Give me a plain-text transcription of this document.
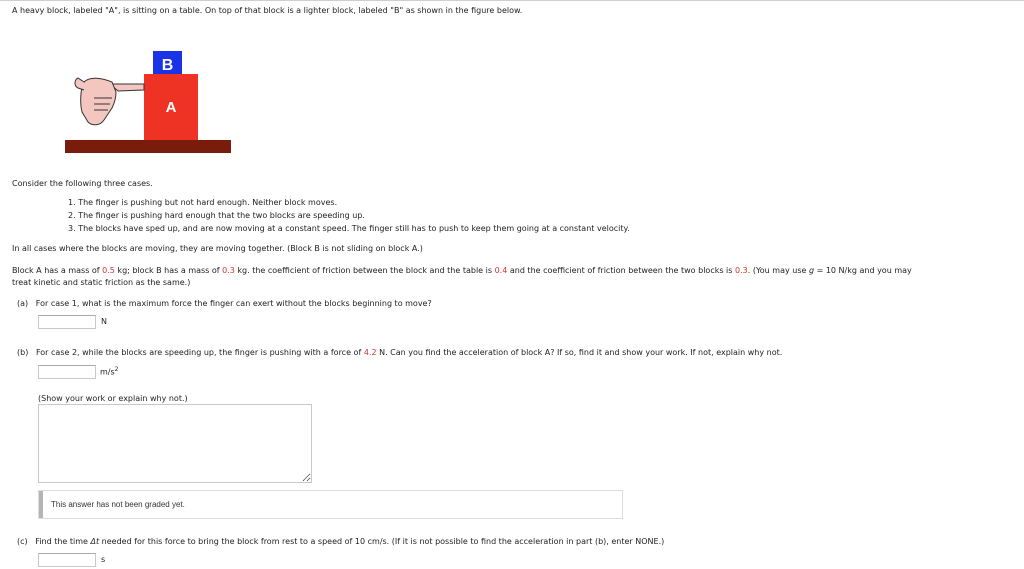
A heavy block, labeled "A", is sitting on a table. On top of that block is a lighter block, labeled "B" as shown in the figure below.
A
B
Consider the following three cases.
1. The finger is pushing but not hard enough. Neither block moves.
2. The finger is pushing hard enough that the two blocks are speeding up.
3. The blocks have sped up, and are now moving at a constant speed. The finger still has to push to keep them going at a constant velocity.
In all cases where the blocks are moving, they are moving together. (Block B is not sliding on block A.)
Block A has a mass of 0.5 kg; block B has a mass of 0.3 kg. the coefficient of friction between the block and the table is 0.4 and the coefficient of friction between the two blocks is 0.3. (You may use g = 10 N/kg and you may
treat kinetic and static friction as the same.)
(a) For case 1, what is the maximum force the finger can exert without the blocks beginning to move?
N
(b) For case 2, while the blocks are speeding up, the finger is pushing with a force of 4.2 N. Can you find the acceleration of block A? If so, find it and show your work. If not, explain why not.
$m/s^2$
(Show your work or explain why not.)
This answer has not been graded yet.
(c) Find the time Δt needed for this force to bring the block from rest to a speed of 10 cm/s. (If it is not possible to find the acceleration in part (b), enter NONE.)
s
